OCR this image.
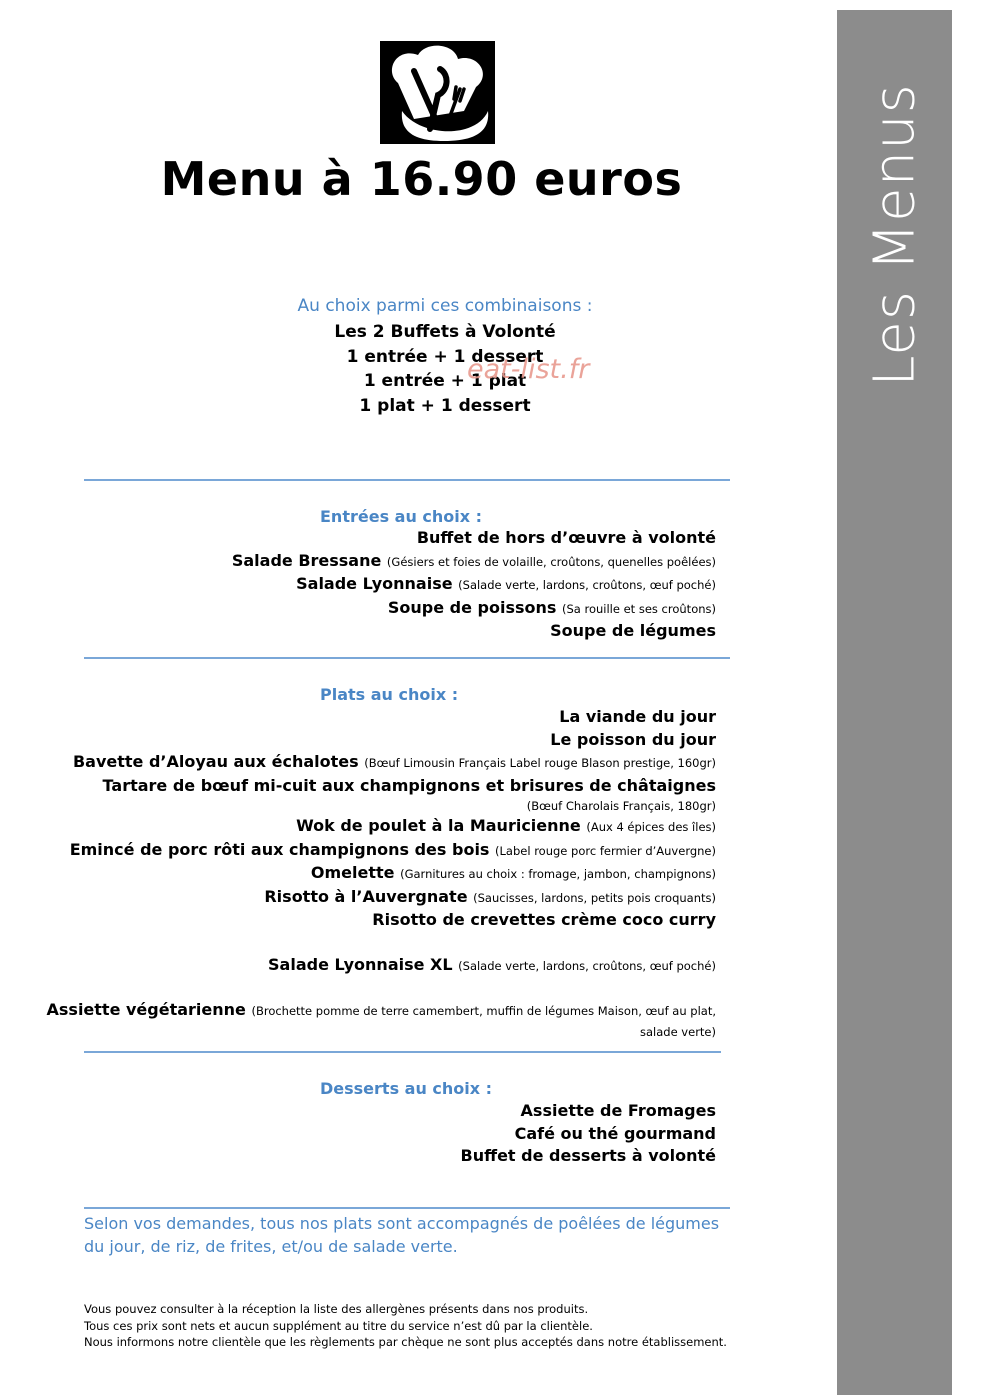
Les Menus
Menu à 16.90 euros
Au choix parmi ces combinaisons :
Les 2 Buffets à Volonté
1 entrée + 1 dessert
1 entrée + 1 plat
1 plat + 1 dessert
eat-list.fr
Entrées au choix :
Buffet de hors d’œuvre à volonté
Salade Bressane (Gésiers et foies de volaille, croûtons, quenelles poêlées)
Salade Lyonnaise (Salade verte, lardons, croûtons, œuf poché)
Soupe de poissons (Sa rouille et ses croûtons)
Soupe de légumes
Plats au choix :
La viande du jour
Le poisson du jour
Bavette d’Aloyau aux échalotes (Bœuf Limousin Français Label rouge Blason prestige, 160gr)
Tartare de bœuf mi-cuit aux champignons et brisures de châtaignes
(Bœuf Charolais Français, 180gr)
Wok de poulet à la Mauricienne (Aux 4 épices des îles)
Emincé de porc rôti aux champignons des bois (Label rouge porc fermier d’Auvergne)
Omelette (Garnitures au choix : fromage, jambon, champignons)
Risotto à l’Auvergnate (Saucisses, lardons, petits pois croquants)
Risotto de crevettes crème coco curry
Salade Lyonnaise XL (Salade verte, lardons, croûtons, œuf poché)
Assiette végétarienne (Brochette pomme de terre camembert, muffin de légumes Maison, œuf au plat,
salade verte)
Desserts au choix :
Assiette de Fromages
Café ou thé gourmand
Buffet de desserts à volonté
Selon vos demandes, tous nos plats sont accompagnés de poêlées de légumes du jour, de riz, de frites, et/ou de salade verte.
Vous pouvez consulter à la réception la liste des allergènes présents dans nos produits.
Tous ces prix sont nets et aucun supplément au titre du service n’est dû par la clientèle.
Nous informons notre clientèle que les règlements par chèque ne sont plus acceptés dans notre établissement.
